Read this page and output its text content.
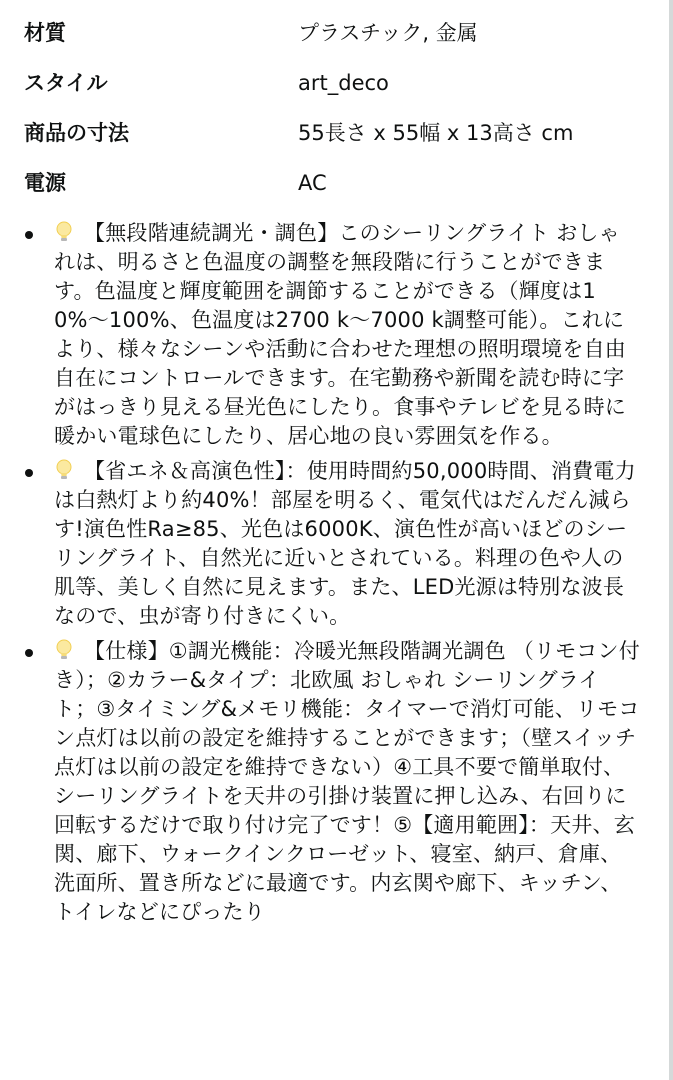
材質	プラスチック, 金属
スタイル	art_deco
商品の寸法	55長さ x 55幅 x 13高さ cm
電源	AC
【無段階連続調光・調色】このシーリングライト おしゃれは、明るさと色温度の調整を無段階に行うことができます。色温度と輝度範囲を調節することができる（輝度は10%〜100%、色温度は2700 k〜7000 k調整可能）。これにより、様々なシーンや活動に合わせた理想の照明環境を自由自在にコントロールできます。在宅勤務や新聞を読む時に字がはっきり見える昼光色にしたり。食事やテレビを見る時に暖かい電球色にしたり、居心地の良い雰囲気を作る。
【省エネ＆高演色性】：使用時間約50,000時間、消費電力は白熱灯より約40%！部屋を明るく、電気代はだんだん減らす!演色性Ra≥85、光色は6000K、演色性が高いほどのシーリングライト、自然光に近いとされている。料理の色や人の肌等、美しく自然に見えます。また、LED光源は特別な波長なので、虫が寄り付きにくい。
【仕様】①調光機能：冷暖光無段階調光調色 （リモコン付き）；②カラー&タイプ：北欧風 おしゃれ シーリングライト；③タイミング&メモリ機能：タイマーで消灯可能、リモコン点灯は以前の設定を維持することができます；（壁スイッチ点灯は以前の設定を維持できない）④工具不要で簡単取付、シーリングライトを天井の引掛け装置に押し込み、右回りに回転するだけで取り付け完了です！⑤【適用範囲】：天井、玄関、廊下、ウォークインクローゼット、寝室、納戸、倉庫、洗面所、置き所などに最適です。内玄関や廊下、キッチン、トイレなどにぴったり
